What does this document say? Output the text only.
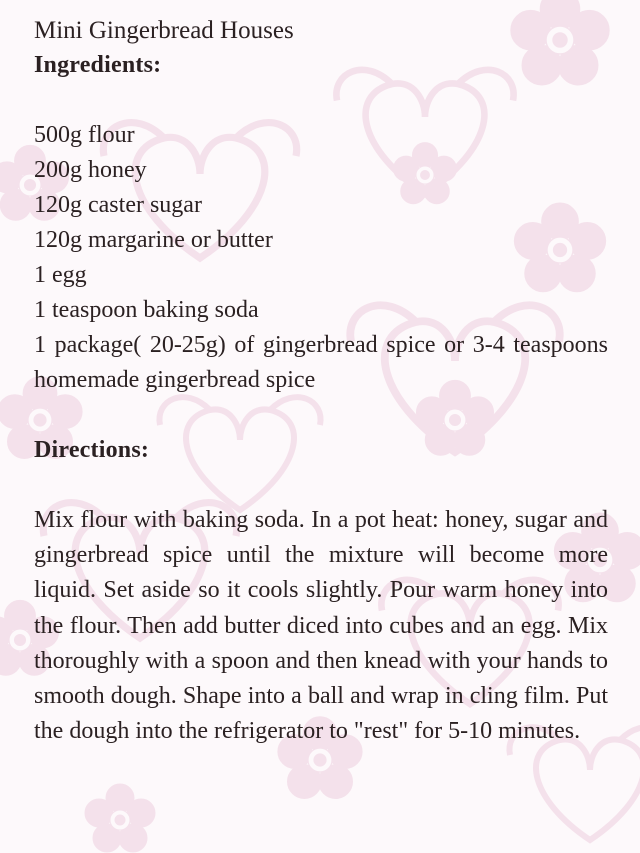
Mini Gingerbread Houses
Ingredients:
500g flour
200g honey
120g caster sugar
120g margarine or butter
1 egg
1 teaspoon baking soda
1 package( 20-25g) of gingerbread spice or 3-4 teaspoons homemade gingerbread spice
Directions:

Mix flour with baking soda. In a pot heat: honey, sugar and gingerbread spice until the mixture will become more liquid. Set aside so it cools slightly. Pour warm honey into the flour. Then add butter diced into cubes and an egg. Mix thoroughly with a spoon and then knead with your hands to smooth dough. Shape into a ball and wrap in cling film. Put the dough into the refrigerator to "rest" for 5-10 minutes.
